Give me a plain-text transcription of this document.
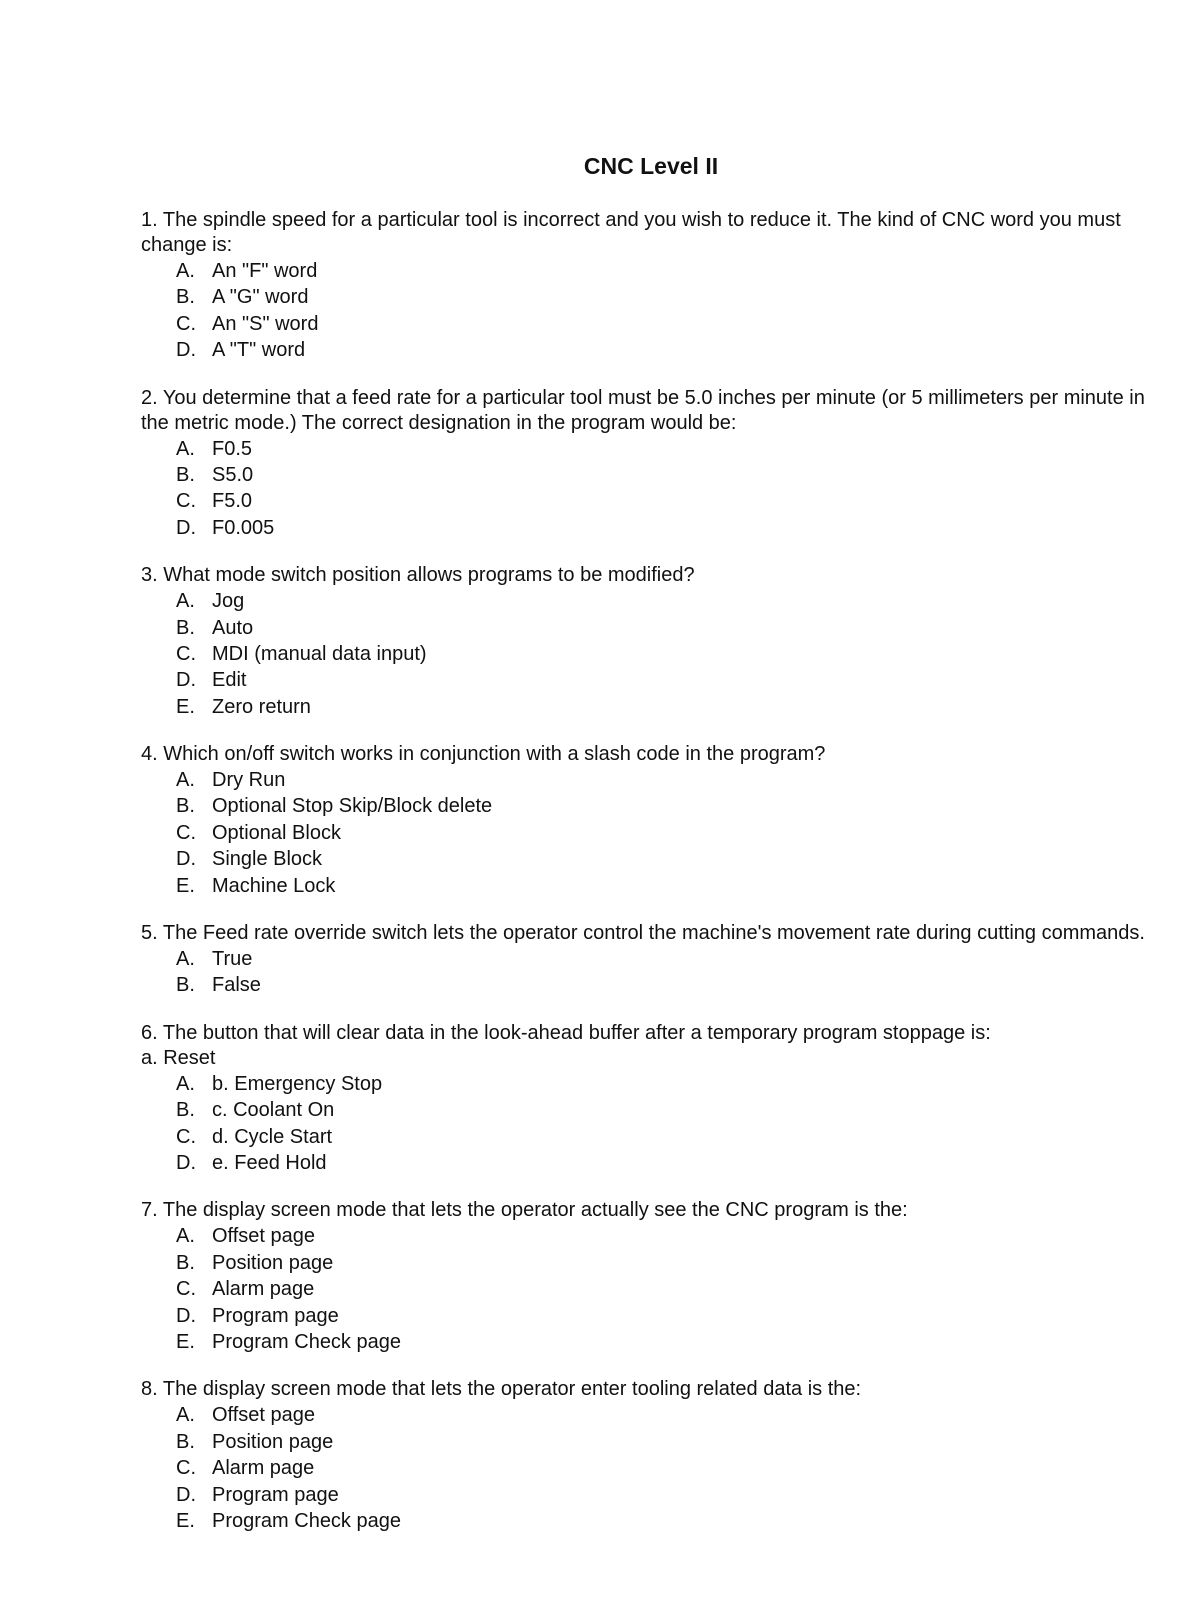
CNC Level II
1. The spindle speed for a particular tool is incorrect and you wish to reduce it. The kind of CNC word you must change is:
A. An "F" word
B. A "G" word
C. An "S" word
D. A "T" word
2. You determine that a feed rate for a particular tool must be 5.0 inches per minute (or 5 millimeters per minute in the metric mode.) The correct designation in the program would be:
A. F0.5
B. S5.0
C. F5.0
D. F0.005
3. What mode switch position allows programs to be modified?
A. Jog
B. Auto
C. MDI (manual data input)
D. Edit
E. Zero return
4. Which on/off switch works in conjunction with a slash code in the program?
A. Dry Run
B. Optional Stop Skip/Block delete
C. Optional Block
D. Single Block
E. Machine Lock
5. The Feed rate override switch lets the operator control the machine's movement rate during cutting commands.
A. True
B. False
6. The button that will clear data in the look-ahead buffer after a temporary program stoppage is:
a. Reset
A. b. Emergency Stop
B. c. Coolant On
C. d. Cycle Start
D. e. Feed Hold
7. The display screen mode that lets the operator actually see the CNC program is the:
A. Offset page
B. Position page
C. Alarm page
D. Program page
E. Program Check page
8. The display screen mode that lets the operator enter tooling related data is the:
A. Offset page
B. Position page
C. Alarm page
D. Program page
E. Program Check page
